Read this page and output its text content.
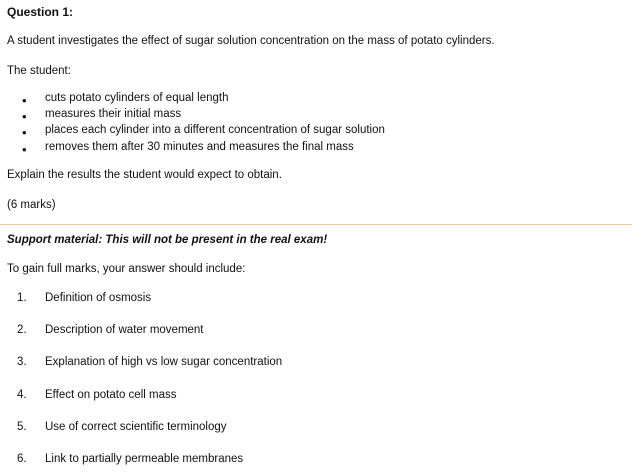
Question 1:
A student investigates the effect of sugar solution concentration on the mass of potato cylinders.
The student:
• cuts potato cylinders of equal length
• measures their initial mass
• places each cylinder into a different concentration of sugar solution
• removes them after 30 minutes and measures the final mass
Explain the results the student would expect to obtain.
(6 marks)
Support material: This will not be present in the real exam!
To gain full marks, your answer should include:
1. Definition of osmosis
2. Description of water movement
3. Explanation of high vs low sugar concentration
4. Effect on potato cell mass
5. Use of correct scientific terminology
6. Link to partially permeable membranes
